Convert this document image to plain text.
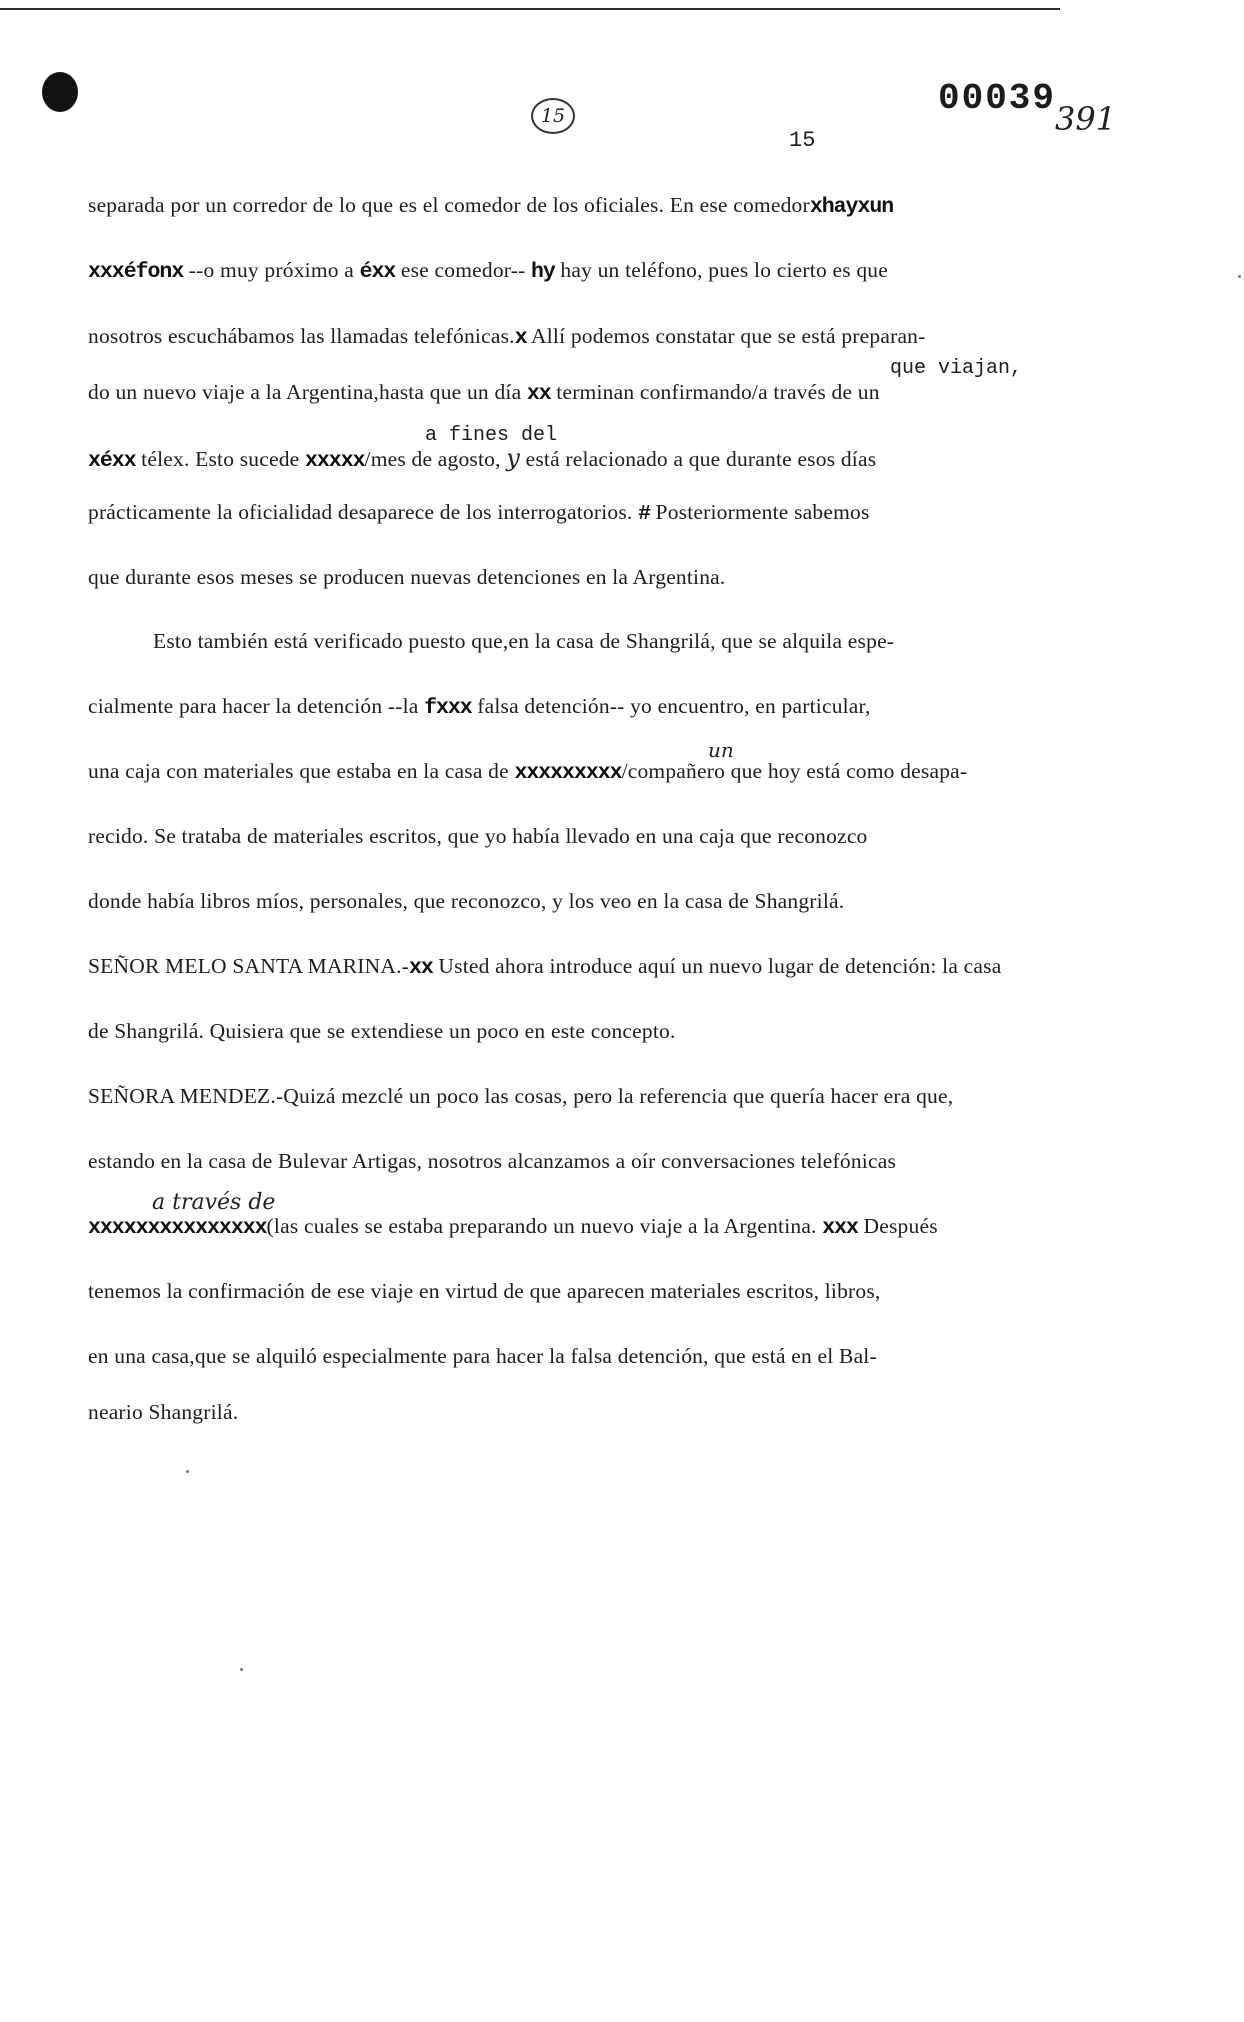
15
15
00039
391
separada por un corredor de lo que es el comedor de los oficiales. En ese comedorxhayxun
xxxéfonx --o muy próximo a éxx ese comedor-- hy hay un teléfono, pues lo cierto es que
nosotros escuchábamos las llamadas telefónicas.x Allí podemos constatar que se está preparan-
que viajan,
do un nuevo viaje a la Argentina,hasta que un día xx terminan confirmando/a través de un
a fines del
xéxx télex. Esto sucede xxxxx/mes de agosto, y está relacionado a que durante esos días
prácticamente la oficialidad desaparece de los interrogatorios. # Posteriormente sabemos
que durante esos meses se producen nuevas detenciones en la Argentina.
Esto también está verificado puesto que,en la casa de Shangrilá, que se alquila espe-
cialmente para hacer la detención --la fxxx falsa detención-- yo encuentro, en particular,
un
una caja con materiales que estaba en la casa de xxxxxxxxx/compañero que hoy está como desapa-
recido. Se trataba de materiales escritos, que yo había llevado en una caja que reconozco
donde había libros míos, personales, que reconozco, y los veo en la casa de Shangrilá.
SEÑOR MELO SANTA MARINA.-xx Usted ahora introduce aquí un nuevo lugar de detención: la casa
de Shangrilá. Quisiera que se extendiese un poco en este concepto.
SEÑORA MENDEZ.-Quizá mezclé un poco las cosas, pero la referencia que quería hacer era que,
estando en la casa de Bulevar Artigas, nosotros alcanzamos a oír conversaciones telefónicas
a través de
xxxxxxxxxxxxxxx(las cuales se estaba preparando un nuevo viaje a la Argentina. xxx Después
tenemos la confirmación de ese viaje en virtud de que aparecen materiales escritos, libros,
en una casa,que se alquiló especialmente para hacer la falsa detención, que está en el Bal-
neario Shangrilá.
